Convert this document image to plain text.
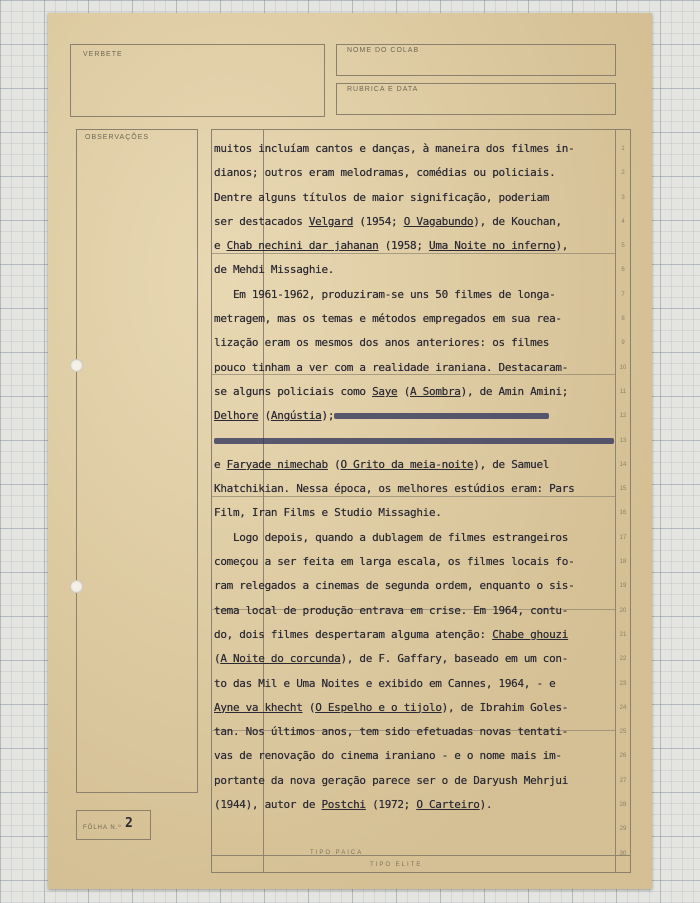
VERBETE
NOME DO COLAB
RUBRICA E DATA
OBSERVAÇÕES
FÔLHA N.º 2
muitos incluíam cantos e danças, à maneira dos filmes in-
dianos; outros eram melodramas, comédias ou policiais.
Dentre alguns títulos de maior significação, poderiam
ser destacados Velgard (1954; O Vagabundo), de Kouchan,
e Chab nechini dar jahanan (1958; Uma Noite no inferno),
de Mehdi Missaghie.
Em 1961-1962, produziram-se uns 50 filmes de longa-
metragem, mas os temas e métodos empregados em sua rea-
lização eram os mesmos dos anos anteriores: os filmes
pouco tinham a ver com a realidade iraniana. Destacaram-
se alguns policiais como Saye (A Sombra), de Amin Amini;
Delhore (Angústia);
e Faryade nimechab (O Grito da meia-noite), de Samuel
Khatchikian. Nessa época, os melhores estúdios eram: Pars
Film, Iran Films e Studio Missaghie.
Logo depois, quando a dublagem de filmes estrangeiros
começou a ser feita em larga escala, os filmes locais fo-
ram relegados a cinemas de segunda ordem, enquanto o sis-
tema local de produção entrava em crise. Em 1964, contu-
do, dois filmes despertaram alguma atenção: Chabe ghouzi
(A Noite do corcunda), de F. Gaffary, baseado em um con-
to das Mil e Uma Noites e exibido em Cannes, 1964, - e
Ayne va khecht (O Espelho e o tijolo), de Ibrahim Goles-
tan. Nos últimos anos, tem sido efetuadas novas tentati-
vas de renovação do cinema iraniano - e o nome mais im-
portante da nova geração parece ser o de Daryush Mehrjui
(1944), autor de Postchi (1972; O Carteiro).
1
2
3
4
5
6
7
8
9
10
11
12
13
14
15
16
17
18
19
20
21
22
23
24
25
26
27
28
29
30
TIPO PAICA
TIPO ELITE
